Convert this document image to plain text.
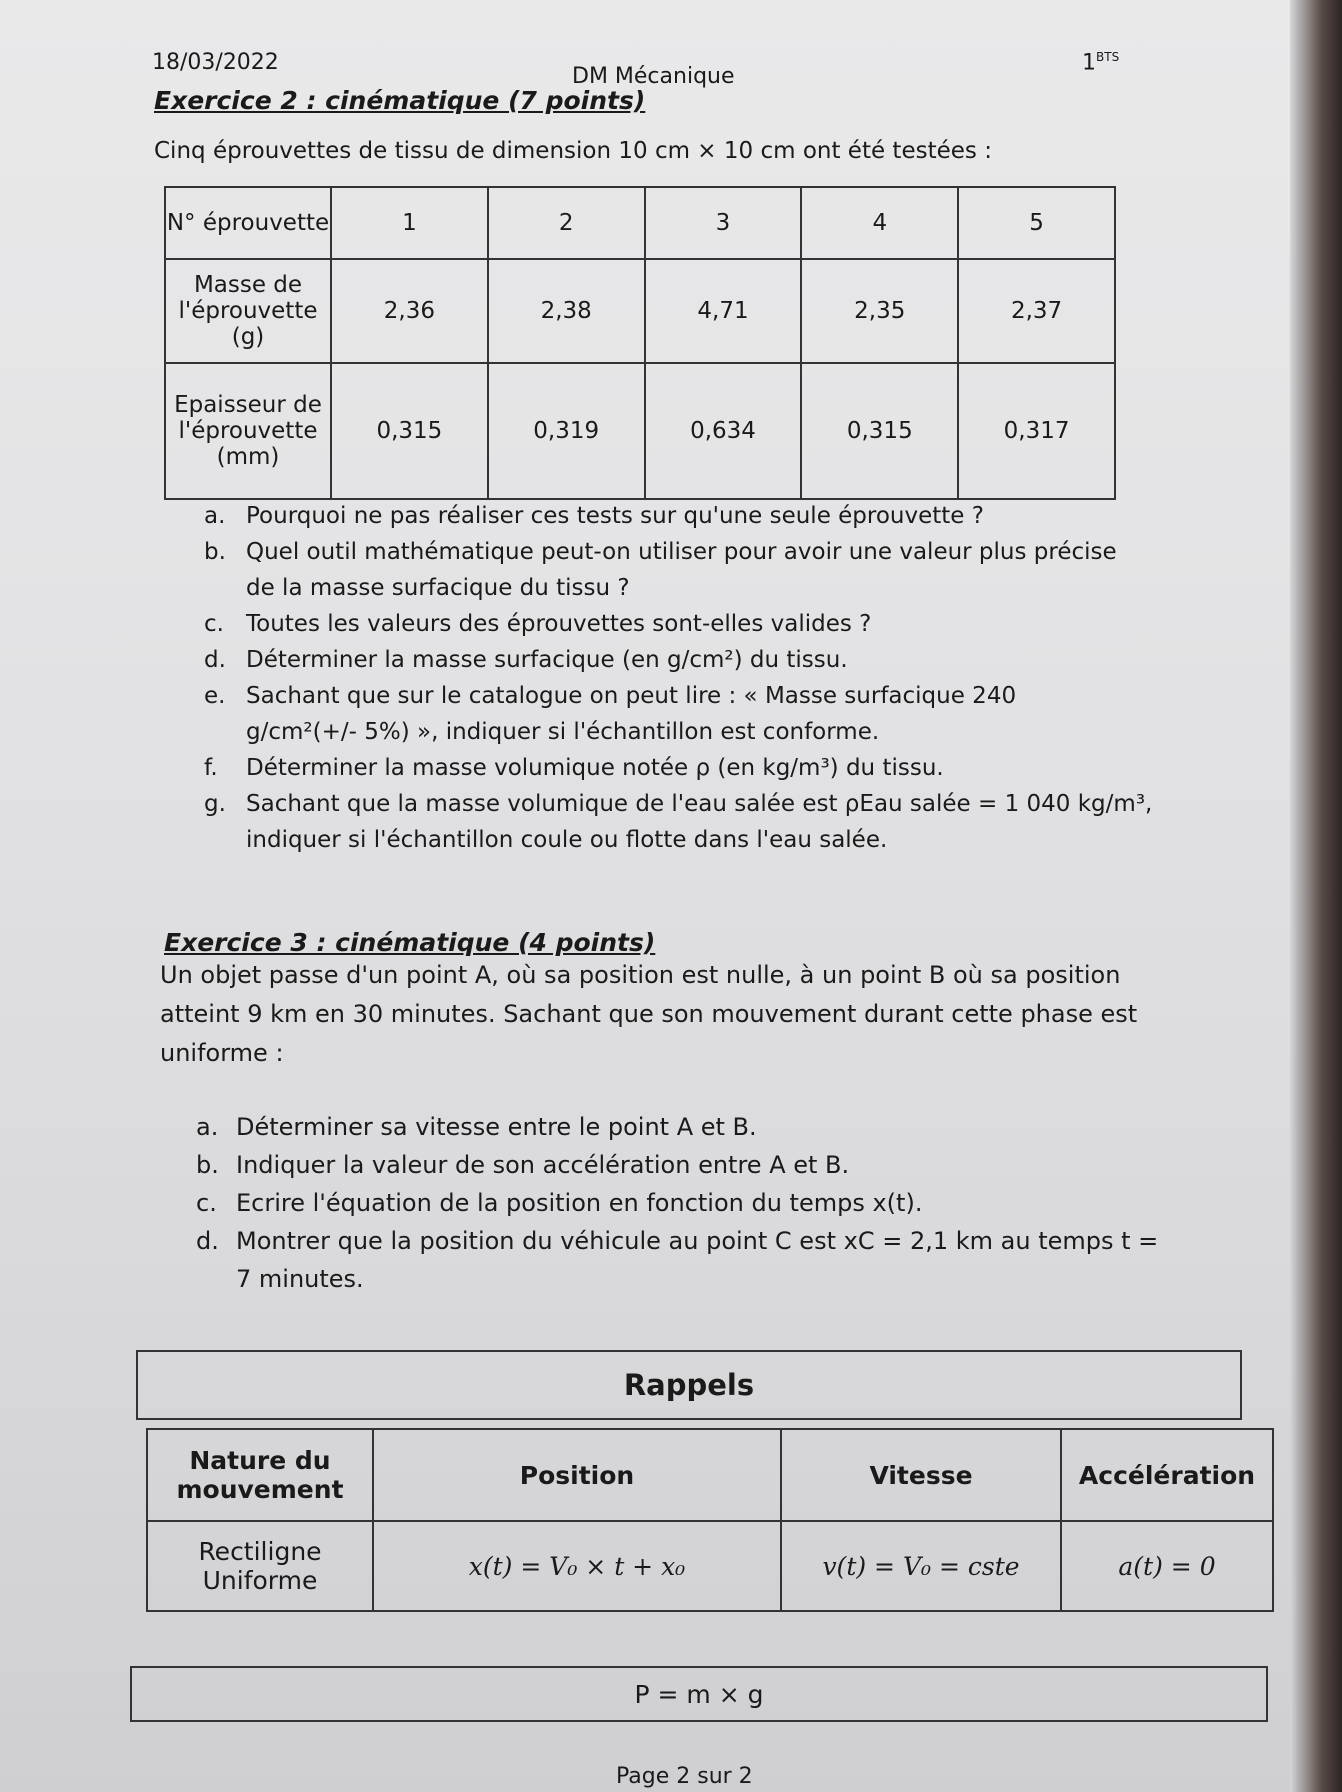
18/03/2022
DM Mécanique
$1^{BTS}$
Exercice 2 : cinématique (7 points)
Cinq éprouvettes de tissu de dimension 10 cm × 10 cm ont été testées :
N° éprouvette	1	2	3	4	5
Masse de l'éprouvette (g)	2,36	2,38	4,71	2,35	2,37
Epaisseur de l'éprouvette (mm)	0,315	0,319	0,634	0,315	0,317
a. Pourquoi ne pas réaliser ces tests sur qu'une seule éprouvette ?
b. Quel outil mathématique peut-on utiliser pour avoir une valeur plus précise
de la masse surfacique du tissu ?
c. Toutes les valeurs des éprouvettes sont-elles valides ?
d. Déterminer la masse surfacique (en g/cm²) du tissu.
e. Sachant que sur le catalogue on peut lire : « Masse surfacique 240
g/cm²(+/- 5%) », indiquer si l'échantillon est conforme.
f. Déterminer la masse volumique notée ρ (en kg/m³) du tissu.
g. Sachant que la masse volumique de l'eau salée est ρEau salée = 1 040 kg/m³,
indiquer si l'échantillon coule ou flotte dans l'eau salée.
Exercice 3 : cinématique (4 points)
Un objet passe d'un point A, où sa position est nulle, à un point B où sa position
atteint 9 km en 30 minutes. Sachant que son mouvement durant cette phase est
uniforme :
a. Déterminer sa vitesse entre le point A et B.
b. Indiquer la valeur de son accélération entre A et B.
c. Ecrire l'équation de la position en fonction du temps x(t).
d. Montrer que la position du véhicule au point C est xC = 2,1 km au temps t =
7 minutes.
Rappels
Nature du mouvement	Position	Vitesse	Accélération
Rectiligne Uniforme	x(t) = V₀ × t + x₀	v(t) = V₀ = cste	a(t) = 0
P = m × g
Page 2 sur 2
